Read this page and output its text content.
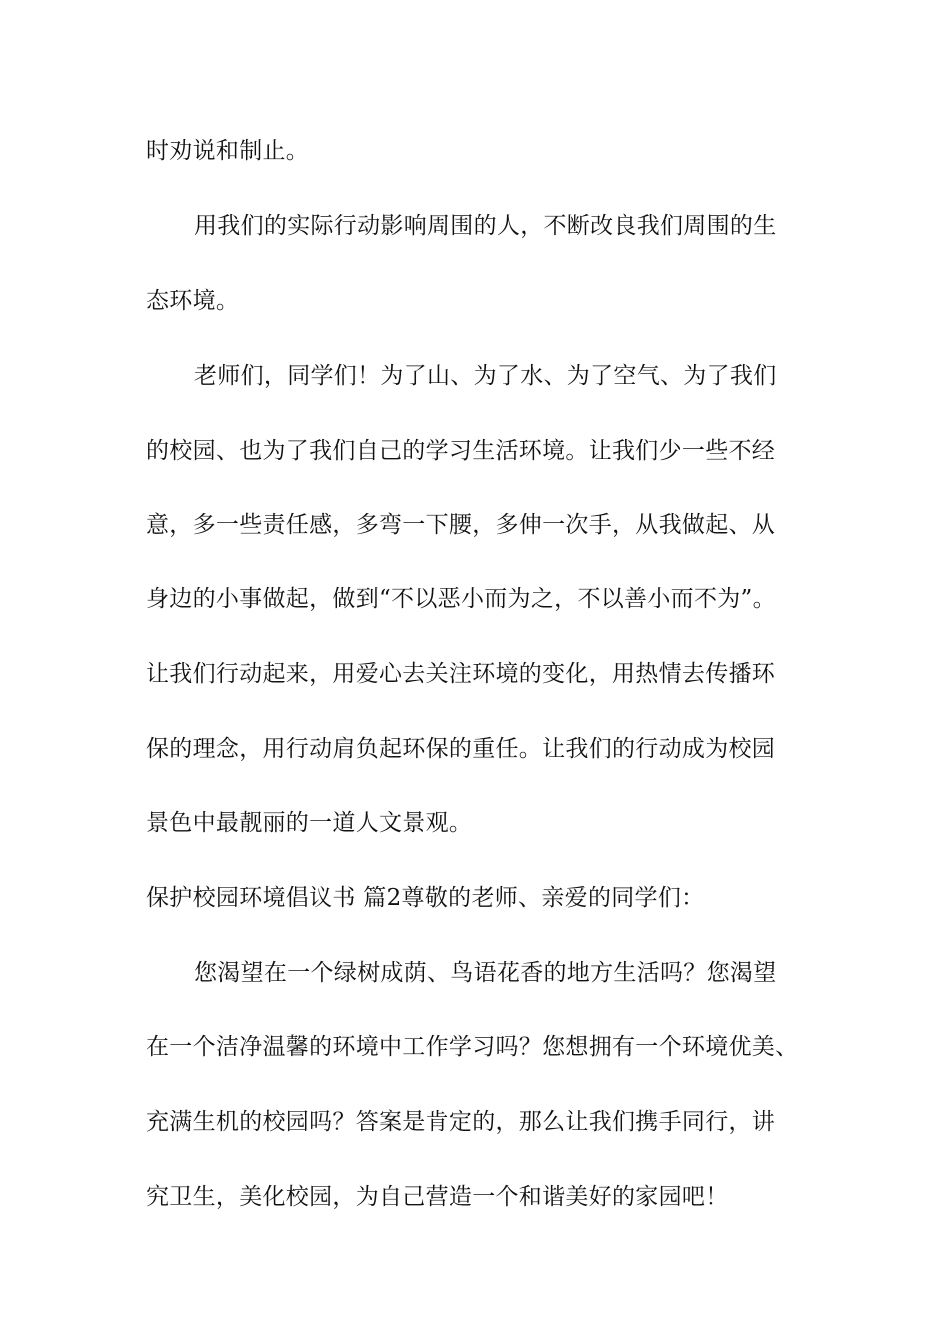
时劝说和制止。
用我们的实际行动影响周围的人，不断改良我们周围的生
态环境。
老师们，同学们！为了山、为了水、为了空气、为了我们
的校园、也为了我们自己的学习生活环境。让我们少一些不经
意，多一些责任感，多弯一下腰，多伸一次手，从我做起、从
身边的小事做起，做到“不以恶小而为之，不以善小而不为”。
让我们行动起来，用爱心去关注环境的变化，用热情去传播环
保的理念，用行动肩负起环保的重任。让我们的行动成为校园
景色中最靓丽的一道人文景观。
保护校园环境倡议书 篇2尊敬的老师、亲爱的同学们：
您渴望在一个绿树成荫、鸟语花香的地方生活吗？您渴望
在一个洁净温馨的环境中工作学习吗？您想拥有一个环境优美、
充满生机的校园吗？答案是肯定的，那么让我们携手同行，讲
究卫生，美化校园，为自己营造一个和谐美好的家园吧！
